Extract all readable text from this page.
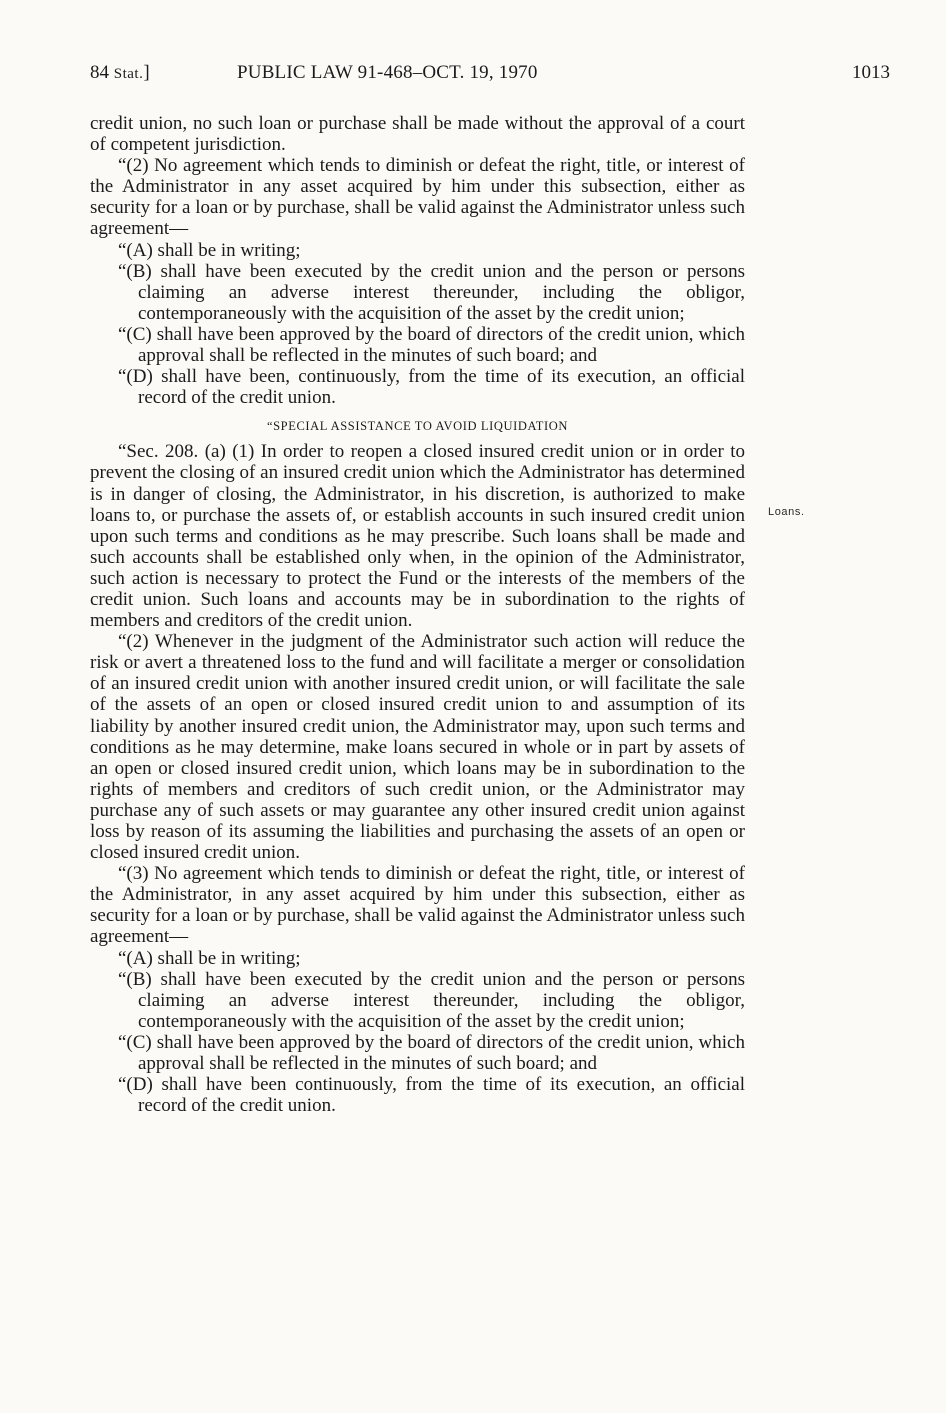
84 Stat.]	PUBLIC LAW 91-468–OCT. 19, 1970	1013

credit union, no such loan or purchase shall be made without the approval of a court of competent jurisdiction.

“(2) No agreement which tends to diminish or defeat the right, title, or interest of the Administrator in any asset acquired by him under this subsection, either as security for a loan or by purchase, shall be valid against the Administrator unless such agreement—

“(A) shall be in writing;

“(B) shall have been executed by the credit union and the person or persons claiming an adverse interest thereunder, including the obligor, contemporaneously with the acquisition of the asset by the credit union;

“(C) shall have been approved by the board of directors of the credit union, which approval shall be reflected in the minutes of such board; and

“(D) shall have been, continuously, from the time of its execution, an official record of the credit union.

“SPECIAL ASSISTANCE TO AVOID LIQUIDATION

“Sec. 208. (a) (1) In order to reopen a closed insured credit union or in order to prevent the closing of an insured credit union which the Administrator has determined is in danger of closing, the Administrator, in his discretion, is authorized to make loans to, or purchase the assets of, or establish accounts in such insured credit union upon such terms and conditions as he may prescribe. Such loans shall be made and such accounts shall be established only when, in the opinion of the Administrator, such action is necessary to protect the Fund or the interests of the members of the credit union. Such loans and accounts may be in subordination to the rights of members and creditors of the credit union.

“(2) Whenever in the judgment of the Administrator such action will reduce the risk or avert a threatened loss to the fund and will facilitate a merger or consolidation of an insured credit union with another insured credit union, or will facilitate the sale of the assets of an open or closed insured credit union to and assumption of its liability by another insured credit union, the Administrator may, upon such terms and conditions as he may determine, make loans secured in whole or in part by assets of an open or closed insured credit union, which loans may be in subordination to the rights of members and creditors of such credit union, or the Administrator may purchase any of such assets or may guarantee any other insured credit union against loss by reason of its assuming the liabilities and purchasing the assets of an open or closed insured credit union.

“(3) No agreement which tends to diminish or defeat the right, title, or interest of the Administrator, in any asset acquired by him under this subsection, either as security for a loan or by purchase, shall be valid against the Administrator unless such agreement—

“(A) shall be in writing;

“(B) shall have been executed by the credit union and the person or persons claiming an adverse interest thereunder, including the obligor, contemporaneously with the acquisition of the asset by the credit union;

“(C) shall have been approved by the board of directors of the credit union, which approval shall be reflected in the minutes of such board; and

“(D) shall have been continuously, from the time of its execution, an official record of the credit union.

Loans.
